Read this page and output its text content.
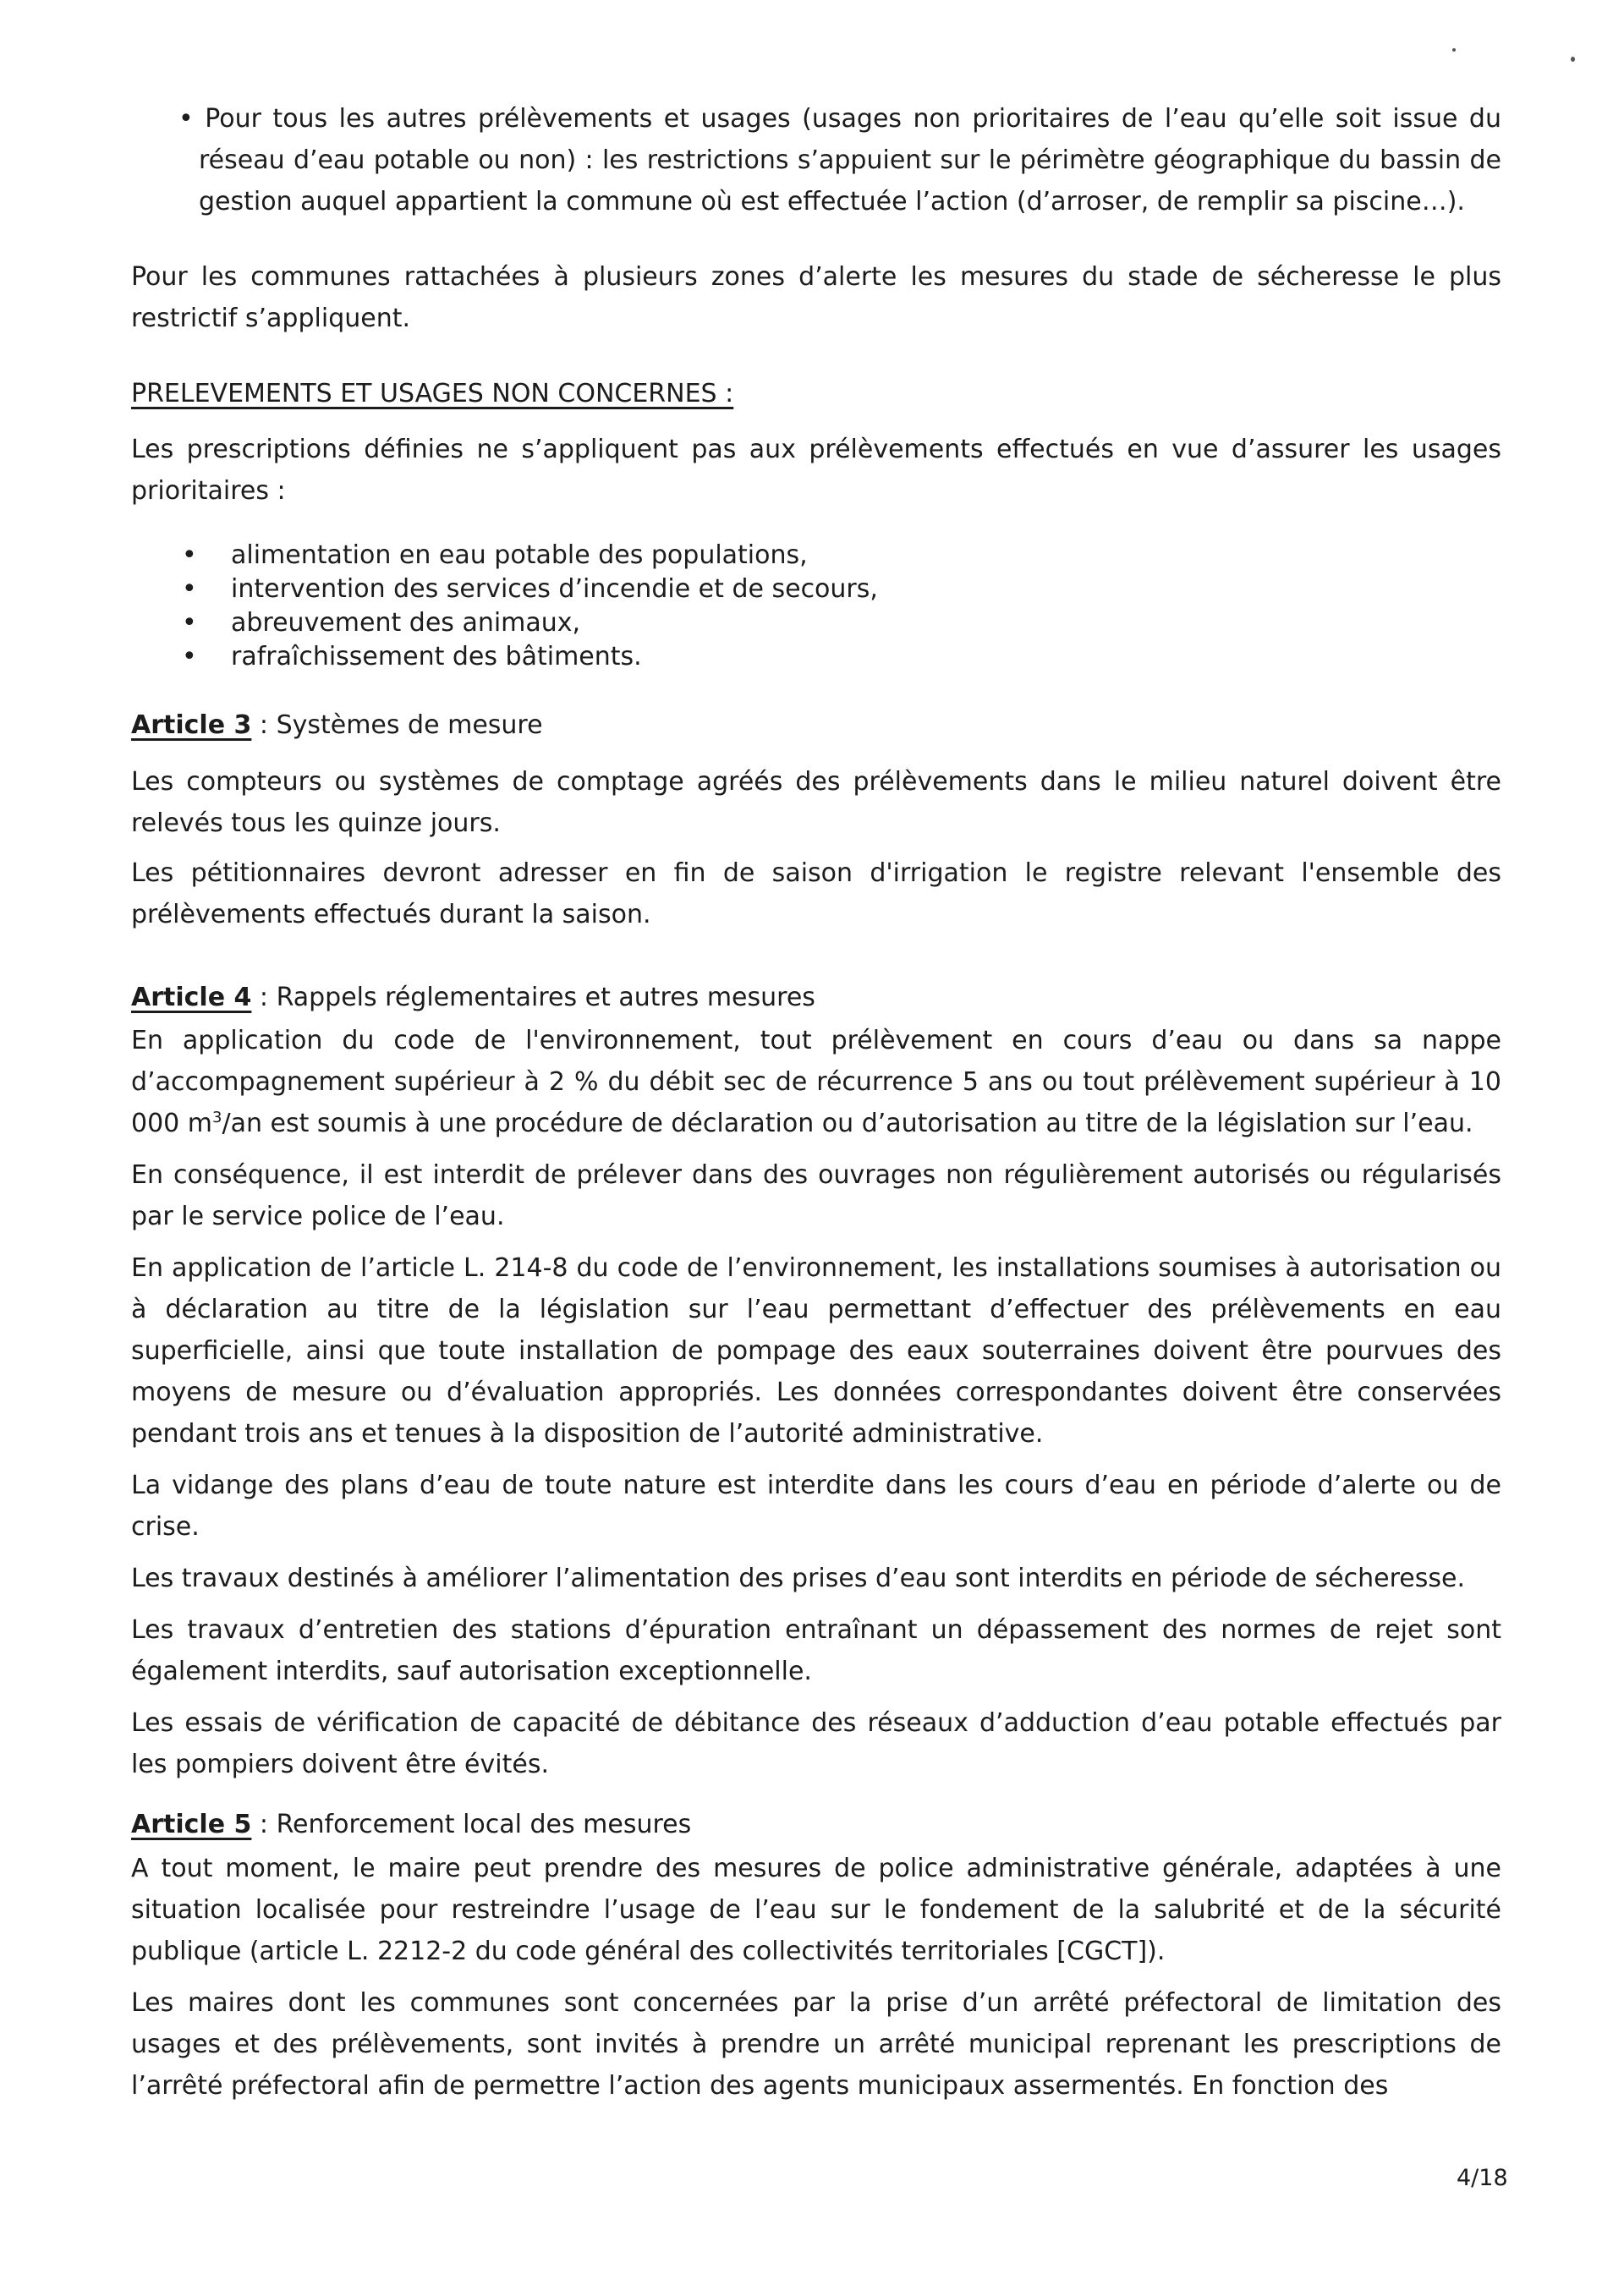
• Pour tous les autres prélèvements et usages (usages non prioritaires de l’eau qu’elle soit issue du réseau d’eau potable ou non) : les restrictions s’appuient sur le périmètre géographique du bassin de gestion auquel appartient la commune où est effectuée l’action (d’arroser, de remplir sa piscine…).

Pour les communes rattachées à plusieurs zones d’alerte les mesures du stade de sécheresse le plus restrictif s’appliquent.

PRELEVEMENTS ET USAGES NON CONCERNES :

Les prescriptions définies ne s’appliquent pas aux prélèvements effectués en vue d’assurer les usages prioritaires :

• alimentation en eau potable des populations,
• intervention des services d’incendie et de secours,
• abreuvement des animaux,
• rafraîchissement des bâtiments.

Article 3 : Systèmes de mesure

Les compteurs ou systèmes de comptage agréés des prélèvements dans le milieu naturel doivent être relevés tous les quinze jours.

Les pétitionnaires devront adresser en fin de saison d'irrigation le registre relevant l'ensemble des prélèvements effectués durant la saison.

Article 4 : Rappels réglementaires et autres mesures

En application du code de l'environnement, tout prélèvement en cours d’eau ou dans sa nappe d’accompagnement supérieur à 2 % du débit sec de récurrence 5 ans ou tout prélèvement supérieur à 10 000 $m^3/an$ est soumis à une procédure de déclaration ou d’autorisation au titre de la législation sur l’eau.

En conséquence, il est interdit de prélever dans des ouvrages non régulièrement autorisés ou régularisés par le service police de l’eau.

En application de l’article L. 214-8 du code de l’environnement, les installations soumises à autorisation ou à déclaration au titre de la législation sur l’eau permettant d’effectuer des prélèvements en eau superficielle, ainsi que toute installation de pompage des eaux souterraines doivent être pourvues des moyens de mesure ou d’évaluation appropriés. Les données correspondantes doivent être conservées pendant trois ans et tenues à la disposition de l’autorité administrative.

La vidange des plans d’eau de toute nature est interdite dans les cours d’eau en période d’alerte ou de crise.

Les travaux destinés à améliorer l’alimentation des prises d’eau sont interdits en période de sécheresse.

Les travaux d’entretien des stations d’épuration entraînant un dépassement des normes de rejet sont également interdits, sauf autorisation exceptionnelle.

Les essais de vérification de capacité de débitance des réseaux d’adduction d’eau potable effectués par les pompiers doivent être évités.

Article 5 : Renforcement local des mesures

A tout moment, le maire peut prendre des mesures de police administrative générale, adaptées à une situation localisée pour restreindre l’usage de l’eau sur le fondement de la salubrité et de la sécurité publique (article L. 2212-2 du code général des collectivités territoriales [CGCT]).

Les maires dont les communes sont concernées par la prise d’un arrêté préfectoral de limitation des usages et des prélèvements, sont invités à prendre un arrêté municipal reprenant les prescriptions de l’arrêté préfectoral afin de permettre l’action des agents municipaux assermentés. En fonction des

4/18
